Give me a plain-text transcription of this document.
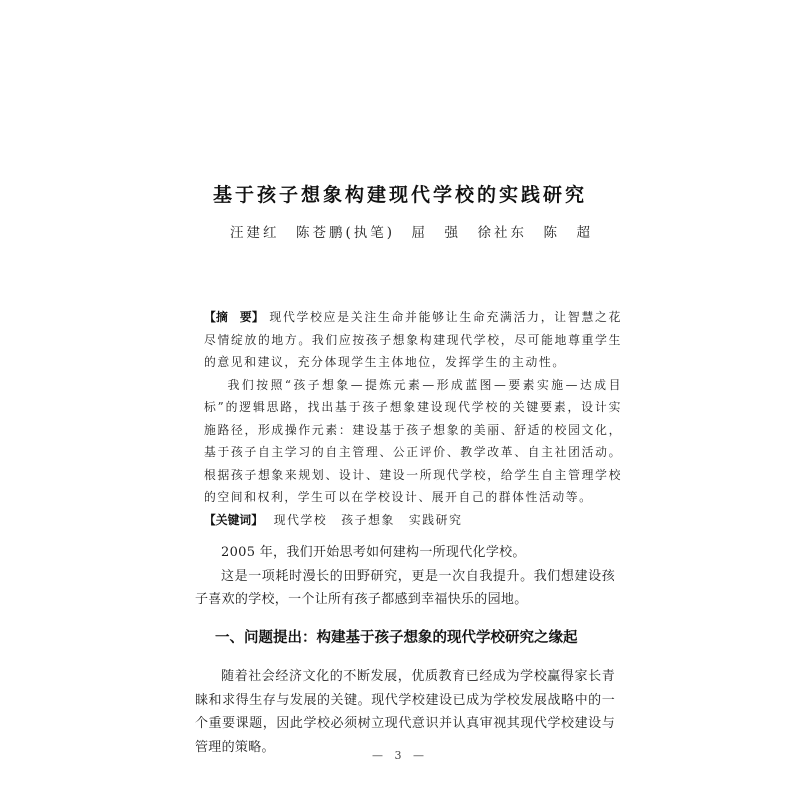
基于孩子想象构建现代学校的实践研究
汪建红　陈苍鹏(执笔)　屈　强　徐社东　陈　超

【摘　要】 现代学校应是关注生命并能够让生命充满活力，让智慧之花尽情绽放的地方。我们应按孩子想象构建现代学校，尽可能地尊重学生的意见和建议，充分体现学生主体地位，发挥学生的主动性。

我们按照“孩子想象—提炼元素—形成蓝图—要素实施—达成目标”的逻辑思路，找出基于孩子想象建设现代学校的关键要素，设计实施路径，形成操作元素：建设基于孩子想象的美丽、舒适的校园文化，基于孩子自主学习的自主管理、公正评价、教学改革、自主社团活动。根据孩子想象来规划、设计、建设一所现代学校，给学生自主管理学校的空间和权利，学生可以在学校设计、展开自己的群体性活动等。

【关键词】 现代学校 孩子想象 实践研究

2005 年，我们开始思考如何建构一所现代化学校。

这是一项耗时漫长的田野研究，更是一次自我提升。我们想建设孩子喜欢的学校，一个让所有孩子都感到幸福快乐的园地。

一、问题提出：构建基于孩子想象的现代学校研究之缘起

随着社会经济文化的不断发展，优质教育已经成为学校赢得家长青睐和求得生存与发展的关键。现代学校建设已成为学校发展战略中的一个重要课题，因此学校必须树立现代意识并认真审视其现代学校建设与管理的策略。

— 3 —
